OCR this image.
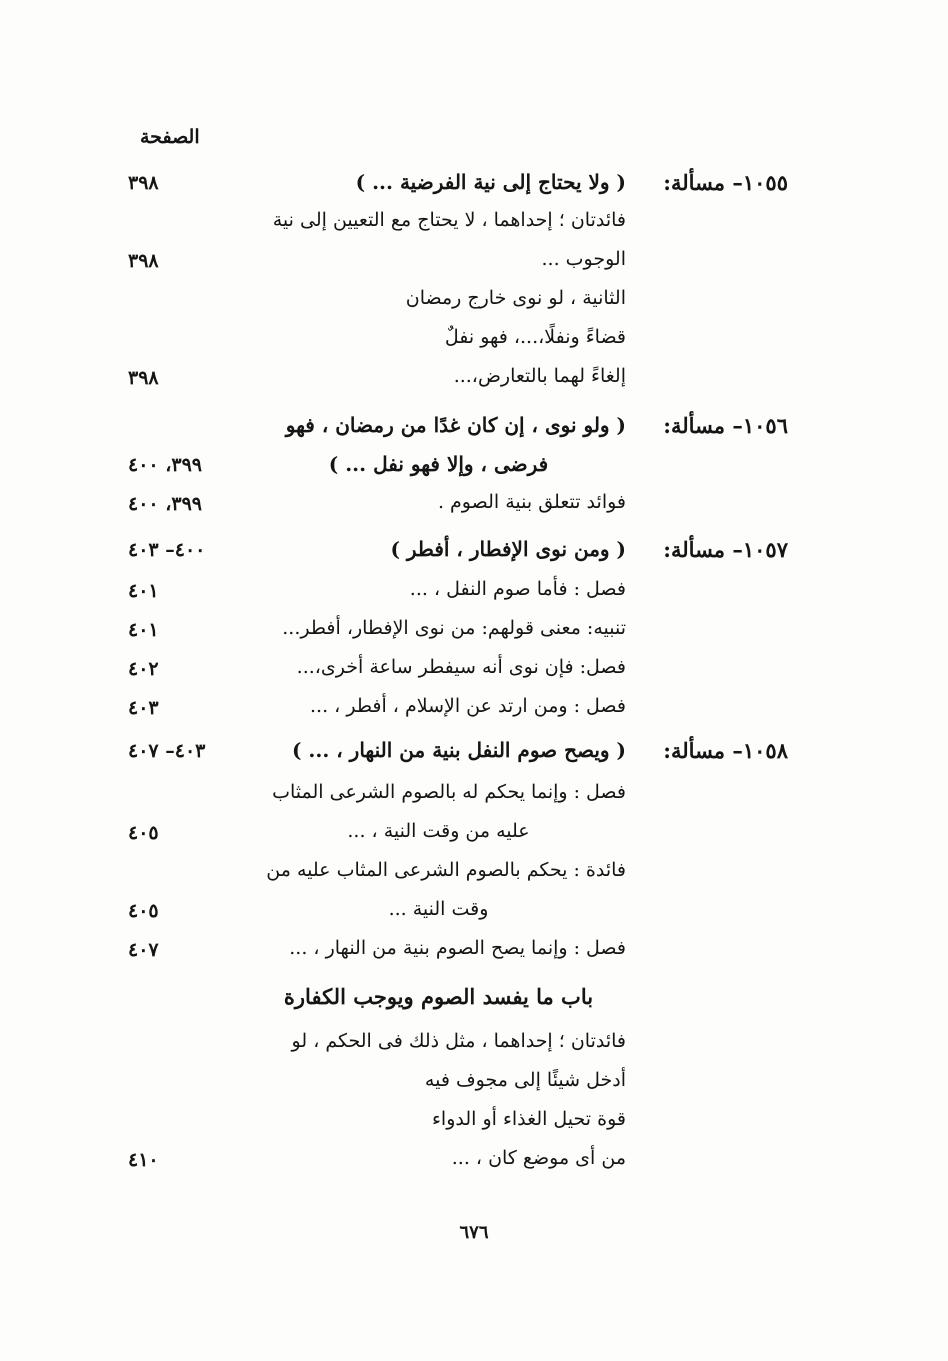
الصفحة
١٠٥٥– مسألة:
( ولا يحتاج إلى نية الفرضية ... )
٣٩٨
فائدتان ؛ إحداهما ، لا يحتاج مع التعيين إلى نية
الوجوب ...
٣٩٨
الثانية ، لو نوى خارج رمضان
قضاءً ونفلًا،...، فهو نفلٌ
إلغاءً لهما بالتعارض،...
٣٩٨
١٠٥٦– مسألة:
( ولو نوى ، إن كان غدًا من رمضان ، فهو
فرضى ، وإلا فهو نفل ... )
٣٩٩، ٤٠٠
فوائد تتعلق بنية الصوم .
٣٩٩، ٤٠٠
١٠٥٧– مسألة:
( ومن نوى الإفطار ، أفطر )
٤٠٠– ٤٠٣
فصل : فأما صوم النفل ، ...
٤٠١
تنبيه: معنى قولهم: من نوى الإفطار، أفطر...
٤٠١
فصل: فإن نوى أنه سيفطر ساعة أخرى،...
٤٠٢
فصل : ومن ارتد عن الإسلام ، أفطر ، ...
٤٠٣
١٠٥٨– مسألة:
( ويصح صوم النفل بنية من النهار ، ... )
٤٠٣– ٤٠٧
فصل : وإنما يحكم له بالصوم الشرعى المثاب
عليه من وقت النية ، ...
٤٠٥
فائدة : يحكم بالصوم الشرعى المثاب عليه من
وقت النية ...
٤٠٥
فصل : وإنما يصح الصوم بنية من النهار ، ...
٤٠٧
باب ما يفسد الصوم ويوجب الكفارة
فائدتان ؛ إحداهما ، مثل ذلك فى الحكم ، لو
أدخل شيئًا إلى مجوف فيه
قوة تحيل الغذاء أو الدواء
من أى موضع كان ، ...
٤١٠
٦٧٦
